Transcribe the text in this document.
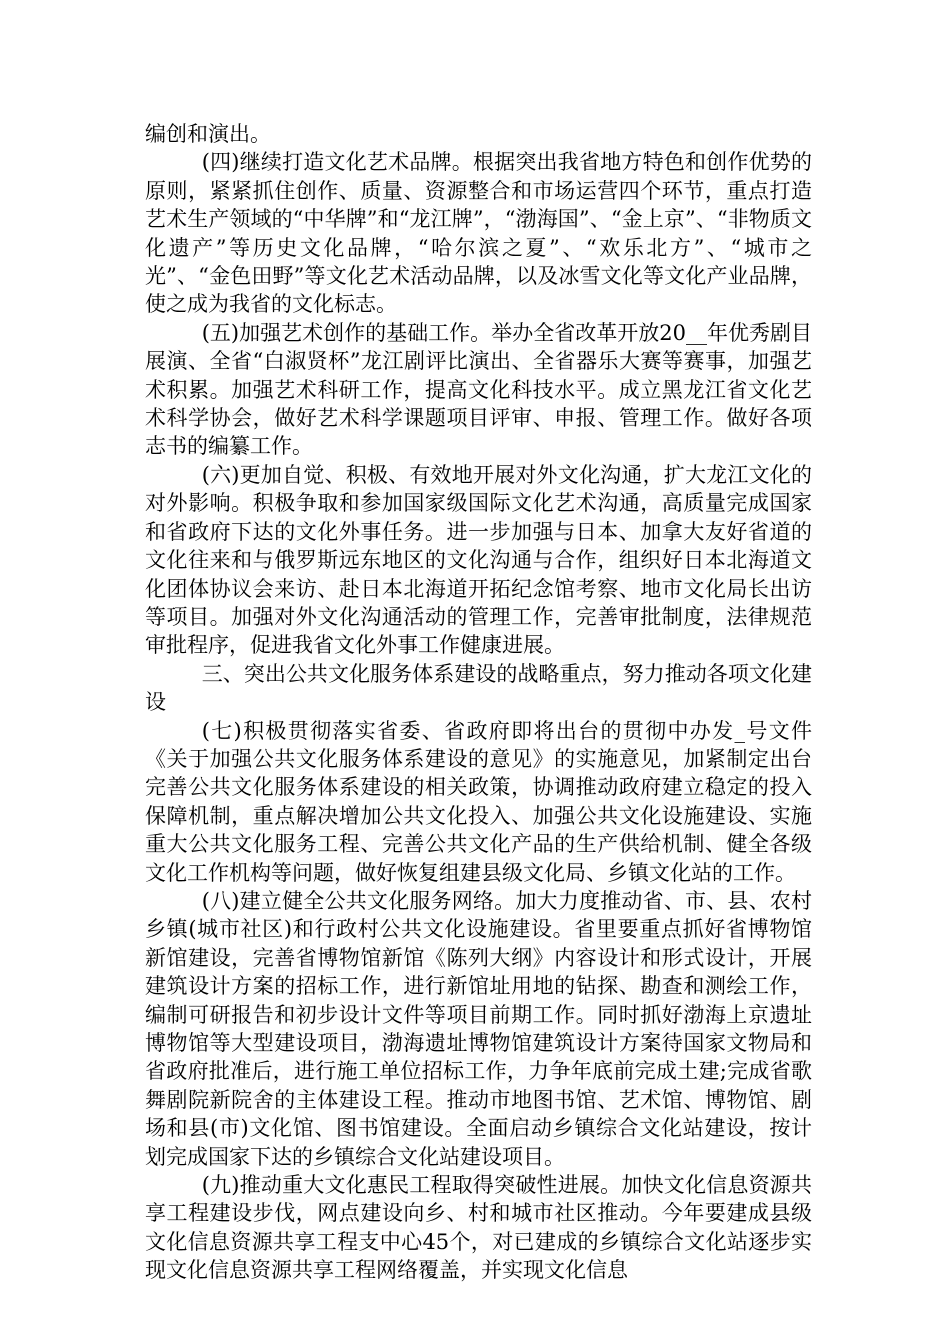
编创和演出。

(四)继续打造文化艺术品牌。根据突出我省地方特色和创作优势的原则，紧紧抓住创作、质量、资源整合和市场运营四个环节，重点打造艺术生产领域的“中华牌”和“龙江牌”，“渤海国”、“金上京”、“非物质文化遗产”等历史文化品牌，“哈尔滨之夏”、“欢乐北方”、“城市之光”、“金色田野”等文化艺术活动品牌，以及冰雪文化等文化产业品牌，使之成为我省的文化标志。

(五)加强艺术创作的基础工作。举办全省改革开放20__年优秀剧目展演、全省“白淑贤杯”龙江剧评比演出、全省器乐大赛等赛事，加强艺术积累。加强艺术科研工作，提高文化科技水平。成立黑龙江省文化艺术科学协会，做好艺术科学课题项目评审、申报、管理工作。做好各项志书的编纂工作。

(六)更加自觉、积极、有效地开展对外文化沟通，扩大龙江文化的对外影响。积极争取和参加国家级国际文化艺术沟通，高质量完成国家和省政府下达的文化外事任务。进一步加强与日本、加拿大友好省道的文化往来和与俄罗斯远东地区的文化沟通与合作，组织好日本北海道文化团体协议会来访、赴日本北海道开拓纪念馆考察、地市文化局长出访等项目。加强对外文化沟通活动的管理工作，完善审批制度，法律规范审批程序，促进我省文化外事工作健康进展。

三、突出公共文化服务体系建设的战略重点，努力推动各项文化建设

(七)积极贯彻落实省委、省政府即将出台的贯彻中办发_号文件《关于加强公共文化服务体系建设的意见》的实施意见，加紧制定出台完善公共文化服务体系建设的相关政策，协调推动政府建立稳定的投入保障机制，重点解决增加公共文化投入、加强公共文化设施建设、实施重大公共文化服务工程、完善公共文化产品的生产供给机制、健全各级文化工作机构等问题，做好恢复组建县级文化局、乡镇文化站的工作。

(八)建立健全公共文化服务网络。加大力度推动省、市、县、农村乡镇(城市社区)和行政村公共文化设施建设。省里要重点抓好省博物馆新馆建设，完善省博物馆新馆《陈列大纲》内容设计和形式设计，开展建筑设计方案的招标工作，进行新馆址用地的钻探、勘查和测绘工作，编制可研报告和初步设计文件等项目前期工作。同时抓好渤海上京遗址博物馆等大型建设项目，渤海遗址博物馆建筑设计方案待国家文物局和省政府批准后，进行施工单位招标工作，力争年底前完成土建;完成省歌舞剧院新院舍的主体建设工程。推动市地图书馆、艺术馆、博物馆、剧场和县(市)文化馆、图书馆建设。全面启动乡镇综合文化站建设，按计划完成国家下达的乡镇综合文化站建设项目。

(九)推动重大文化惠民工程取得突破性进展。加快文化信息资源共享工程建设步伐，网点建设向乡、村和城市社区推动。今年要建成县级文化信息资源共享工程支中心45个，对已建成的乡镇综合文化站逐步实现文化信息资源共享工程网络覆盖，并实现文化信息
